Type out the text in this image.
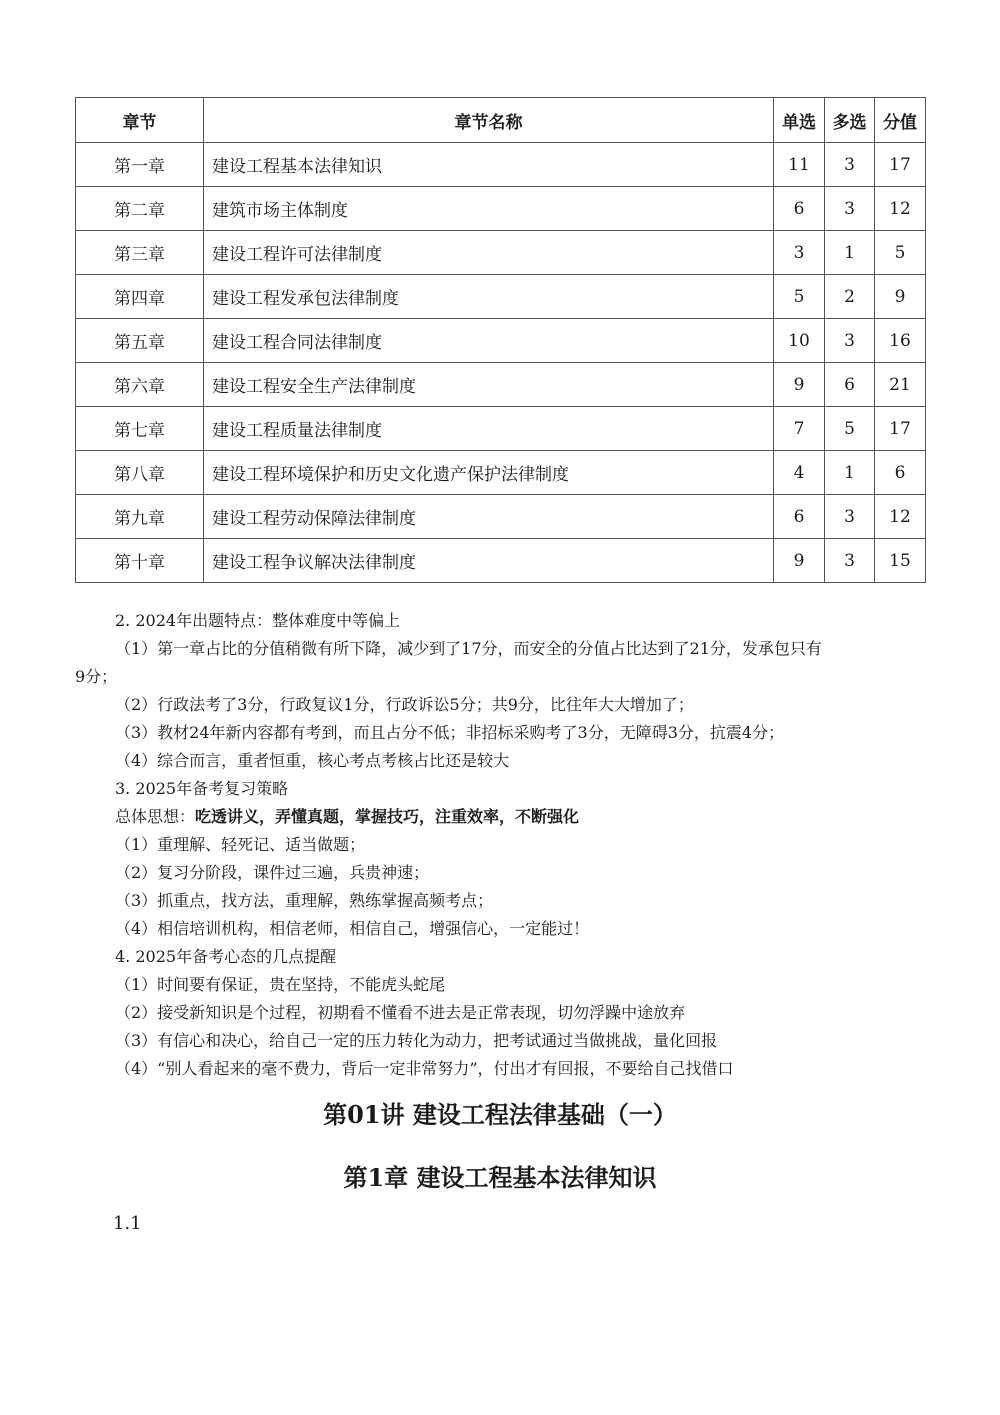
章节	章节名称	单选	多选	分值
第一章	建设工程基本法律知识	11	3	17
第二章	建筑市场主体制度	6	3	12
第三章	建设工程许可法律制度	3	1	5
第四章	建设工程发承包法律制度	5	2	9
第五章	建设工程合同法律制度	10	3	16
第六章	建设工程安全生产法律制度	9	6	21
第七章	建设工程质量法律制度	7	5	17
第八章	建设工程环境保护和历史文化遗产保护法律制度	4	1	6
第九章	建设工程劳动保障法律制度	6	3	12
第十章	建设工程争议解决法律制度	9	3	15
2. 2024年出题特点：整体难度中等偏上
（1）第一章占比的分值稍微有所下降，减少到了17分，而安全的分值占比达到了21分，发承包只有
9分；
（2）行政法考了3分，行政复议1分，行政诉讼5分；共9分，比往年大大增加了；
（3）教材24年新内容都有考到，而且占分不低；非招标采购考了3分，无障碍3分，抗震4分；
（4）综合而言，重者恒重，核心考点考核占比还是较大
3. 2025年备考复习策略
总体思想：吃透讲义，弄懂真题，掌握技巧，注重效率，不断强化
（1）重理解、轻死记、适当做题；
（2）复习分阶段，课件过三遍，兵贵神速；
（3）抓重点，找方法，重理解，熟练掌握高频考点；
（4）相信培训机构，相信老师，相信自己，增强信心，一定能过！
4. 2025年备考心态的几点提醒
（1）时间要有保证，贵在坚持，不能虎头蛇尾
（2）接受新知识是个过程，初期看不懂看不进去是正常表现，切勿浮躁中途放弃
（3）有信心和决心，给自己一定的压力转化为动力，把考试通过当做挑战，量化回报
（4）“别人看起来的毫不费力，背后一定非常努力”，付出才有回报，不要给自己找借口
第01讲 建设工程法律基础（一）
第1章 建设工程基本法律知识
1.1
